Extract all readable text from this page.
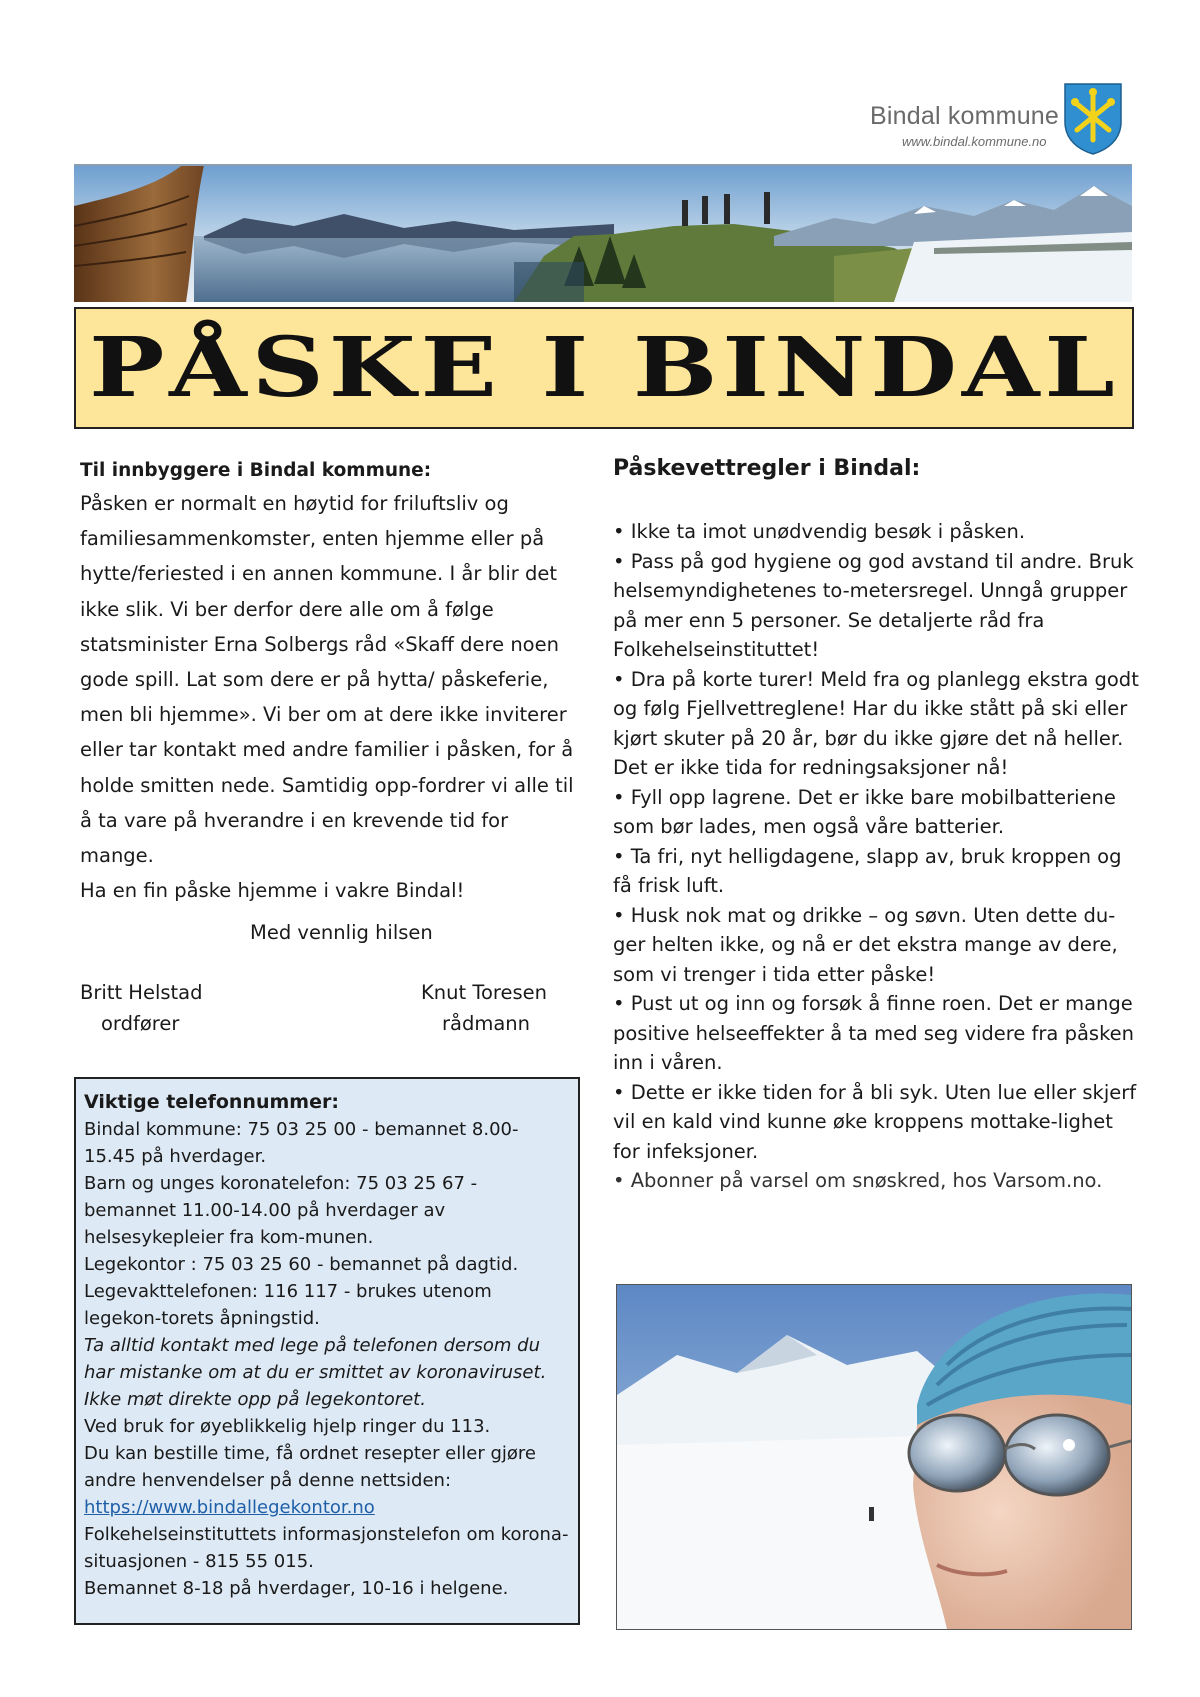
Bindal kommune
www.bindal.kommune.no
PÅSKE I BINDAL
Til innbyggere i Bindal kommune:

Påsken er normalt en høytid for friluftsliv og familiesammenkomster, enten hjemme eller på hytte/feriested i en annen kommune. I år blir det ikke slik. Vi ber derfor dere alle om å følge statsminister Erna Solbergs råd «Skaff dere noen gode spill. Lat som dere er på hytta/ påskeferie, men bli hjemme». Vi ber om at dere ikke inviterer eller tar kontakt med andre familier i påsken, for å holde smitten nede. Samtidig opp-fordrer vi alle til å ta vare på hverandre i en krevende tid for mange.

Ha en fin påske hjemme i vakre Bindal!

Med vennlig hilsen
Britt Helstad
ordfører
Knut Toresen
rådmann
Viktige telefonnummer:

Bindal kommune: 75 03 25 00 - bemannet 8.00-15.45 på hverdager.

Barn og unges koronatelefon: 75 03 25 67 - bemannet 11.00-14.00 på hverdager av helsesykepleier fra kom-munen.

Legekontor : 75 03 25 60 - bemannet på dagtid.

Legevakttelefonen: 116 117 - brukes utenom legekon-torets åpningstid.

Ta alltid kontakt med lege på telefonen dersom du har mistanke om at du er smittet av koronaviruset.

Ikke møt direkte opp på legekontoret.

Ved bruk for øyeblikkelig hjelp ringer du 113.

Du kan bestille time, få ordnet resepter eller gjøre andre henvendelser på denne nettsiden:

https://www.bindallegekontor.no

Folkehelseinstituttets informasjonstelefon om korona-situasjonen - 815 55 015.

Bemannet 8-18 på hverdager, 10-16 i helgene.

Påskevettregler i Bindal:

• Ikke ta imot unødvendig besøk i påsken.

• Pass på god hygiene og god avstand til andre. Bruk helsemyndighetenes to-metersregel. Unngå grupper på mer enn 5 personer. Se detaljerte råd fra Folkehelseinstituttet!

• Dra på korte turer! Meld fra og planlegg ekstra godt og følg Fjellvettreglene! Har du ikke stått på ski eller kjørt skuter på 20 år, bør du ikke gjøre det nå heller. Det er ikke tida for redningsaksjoner nå!

• Fyll opp lagrene. Det er ikke bare mobilbatteriene som bør lades, men også våre batterier.

• Ta fri, nyt helligdagene, slapp av, bruk kroppen og få frisk luft.

• Husk nok mat og drikke – og søvn. Uten dette du-ger helten ikke, og nå er det ekstra mange av dere, som vi trenger i tida etter påske!

• Pust ut og inn og forsøk å finne roen. Det er mange positive helseeffekter å ta med seg videre fra påsken inn i våren.

• Dette er ikke tiden for å bli syk. Uten lue eller skjerf vil en kald vind kunne øke kroppens mottake-lighet for infeksjoner.

• Abonner på varsel om snøskred, hos Varsom.no.
